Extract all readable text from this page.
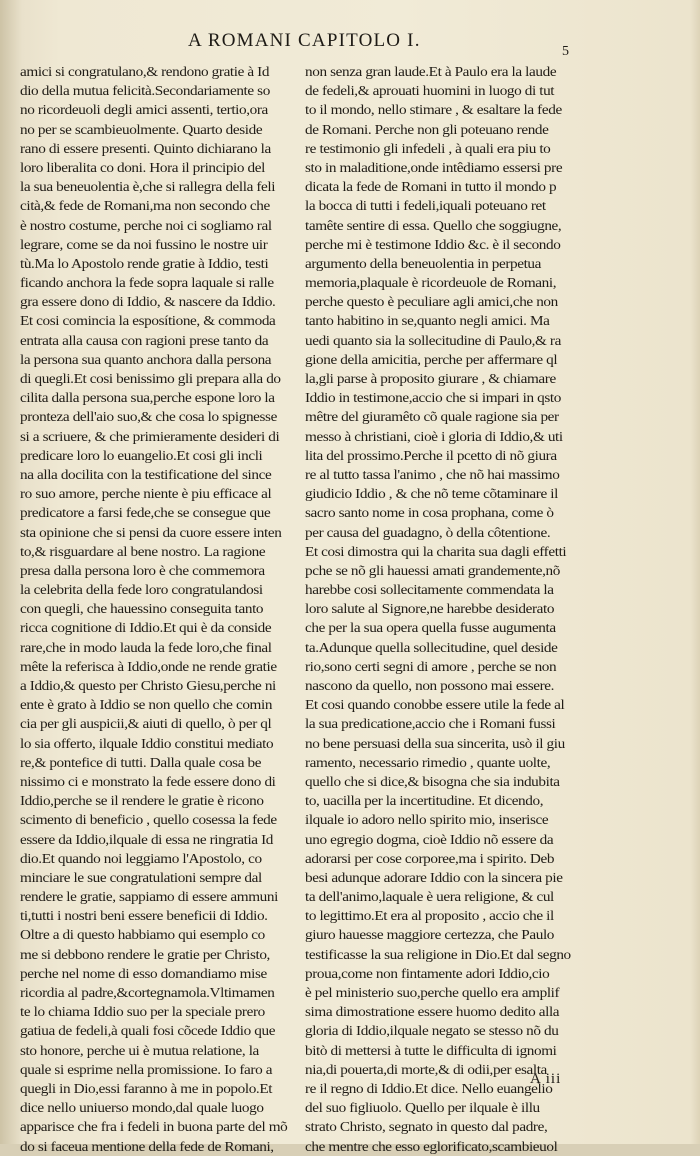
A ROMANI CAPITOLO I.
5
amici si congratulano,& rendono gratie à Id
dio della mutua felicità.Secondariamente so
no ricordeuoli degli amici assenti, tertio,ora
no per se scambieuolmente. Quarto deside
rano di essere presenti. Quinto dichiarano la
loro liberalita co doni. Hora il principio del
la sua beneuolentia è,che si rallegra della feli
cità,& fede de Romani,ma non secondo che
è nostro costume, perche noi ci sogliamo ral
legrare, come se da noi fussino le nostre uir
tù.Ma lo Apostolo rende gratie à Iddio, testi
ficando anchora la fede sopra laquale si ralle
gra essere dono di Iddio, & nascere da Iddio.
Et cosi comincia la esposítione, & commoda
entrata alla causa con ragioni prese tanto da
la persona sua quanto anchora dalla persona
di quegli.Et cosi benissimo gli prepara alla do
cilita dalla persona sua,perche espone loro la
pronteza dell'aio suo,& che cosa lo spignesse
si a scriuere, & che primieramente desideri di
predicare loro lo euangelio.Et cosi gli incli
na alla docilita con la testificatione del since
ro suo amore, perche niente è piu efficace al
predicatore a farsi fede,che se consegue que
sta opinione che si pensi da cuore essere inten
to,& risguardare al bene nostro. La ragione
presa dalla persona loro è che commemora
la celebrita della fede loro congratulandosi
con quegli, che hauessino conseguita tanto
ricca cognitione di Iddio.Et qui è da conside
rare,che in modo lauda la fede loro,che final
mête la referisca à Iddio,onde ne rende gratie
a Iddio,& questo per Christo Giesu,perche ni
ente è grato à Iddio se non quello che comin
cia per gli auspicii,& aiuti di quello, ò per ql
lo sia offerto, ilquale Iddio constitui mediato
re,& pontefice di tutti. Dalla quale cosa be
nissimo ci e monstrato la fede essere dono di
Iddio,perche se il rendere le gratie è ricono
scimento di beneficio , quello cosessa la fede
essere da Iddio,ilquale di essa ne ringratia Id
dio.Et quando noi leggiamo l'Apostolo, co
minciare le sue congratulationi sempre dal
rendere le gratie, sappiamo di essere ammuni
ti,tutti i nostri beni essere beneficii di Iddio.
Oltre a di questo habbiamo qui esemplo co
me si debbono rendere le gratie per Christo,
perche nel nome di esso domandiamo mise
ricordia al padre,&cortegnamola.Vltimamen
te lo chiama Iddio suo per la speciale prero
gatiua de fedeli,à quali fosi cõcede Iddio que
sto honore, perche ui è mutua relatione, la
quale si esprime nella promissione. Io faro a
quegli in Dio,essi faranno à me in popolo.Et
dice nello uniuerso mondo,dal quale luogo
apparisce che fra i fedeli in buona parte del mõ
do si faceua mentione della fede de Romani,
non senza gran laude.Et à Paulo era la laude
de fedeli,& aprouati huomini in luogo di tut
to il mondo, nello stimare , & esaltare la fede
de Romani. Perche non gli poteuano rende
re testimonio gli infedeli , à quali era piu to
sto in maladitione,onde intêdiamo essersi pre
dicata la fede de Romani in tutto il mondo p
la bocca di tutti i fedeli,iquali poteuano ret
tamête sentire di essa. Quello che soggiugne,
perche mi è testimone Iddio &c. è il secondo
argumento della beneuolentia in perpetua
memoria,plaquale è ricordeuole de Romani,
perche questo è peculiare agli amici,che non
tanto habitino in se,quanto negli amici. Ma
uedi quanto sia la sollecitudine di Paulo,& ra
gione della amicitia, perche per affermare ql
la,gli parse à proposito giurare , & chiamare
Iddio in testimone,accio che si impari in qsto
mêtre del giuramêto cõ quale ragione sia per
messo à christiani, cioè i gloria di Iddio,& uti
lita del prossimo.Perche il pcetto di nõ giura
re al tutto tassa l'animo , che nõ hai massimo
giudicio Iddio , & che nõ teme cõtaminare il
sacro santo nome in cosa prophana, come ò
per causa del guadagno, ò della côtentione.
Et cosi dimostra qui la charita sua dagli effetti
pche se nõ gli hauessi amati grandemente,nõ
harebbe cosi sollecitamente commendata la
loro salute al Signore,ne harebbe desiderato
che per la sua opera quella fusse augumenta
ta.Adunque quella sollecitudine, quel deside
rio,sono certi segni di amore , perche se non
nascono da quello, non possono mai essere.
Et cosi quando conobbe essere utile la fede al
la sua predicatione,accio che i Romani fussi
no bene persuasi della sua sincerita, usò il giu
ramento, necessario rimedio , quante uolte,
quello che si dice,& bisogna che sia indubita
to, uacilla per la incertitudine. Et dicendo,
ilquale io adoro nello spirito mio, inserisce
uno egregio dogma, cioè Iddio nõ essere da
adorarsi per cose corporee,ma i spirito. Deb
besi adunque adorare Iddio con la sincera pie
ta dell'animo,laquale è uera religione, & cul
to legittimo.Et era al proposito , accio che il
giuro hauesse maggiore certezza, che Paulo
testificasse la sua religione in Dio.Et dal segno
proua,come non fintamente adori Iddio,cio
è pel ministerio suo,perche quello era amplif
sima dimostratione essere huomo dedito alla
gloria di Iddio,ilquale negato se stesso nõ du
bitò di mettersi à tutte le difficulta di ignomi
nia,di pouerta,di morte,& di odii,per esalta
re il regno di Iddio.Et dice. Nello euangelio
del suo figliuolo. Quello per ilquale è illu
strato Christo, segnato in questo dal padre,
che mentre che esso eglorificato,scambieuol
A iii
